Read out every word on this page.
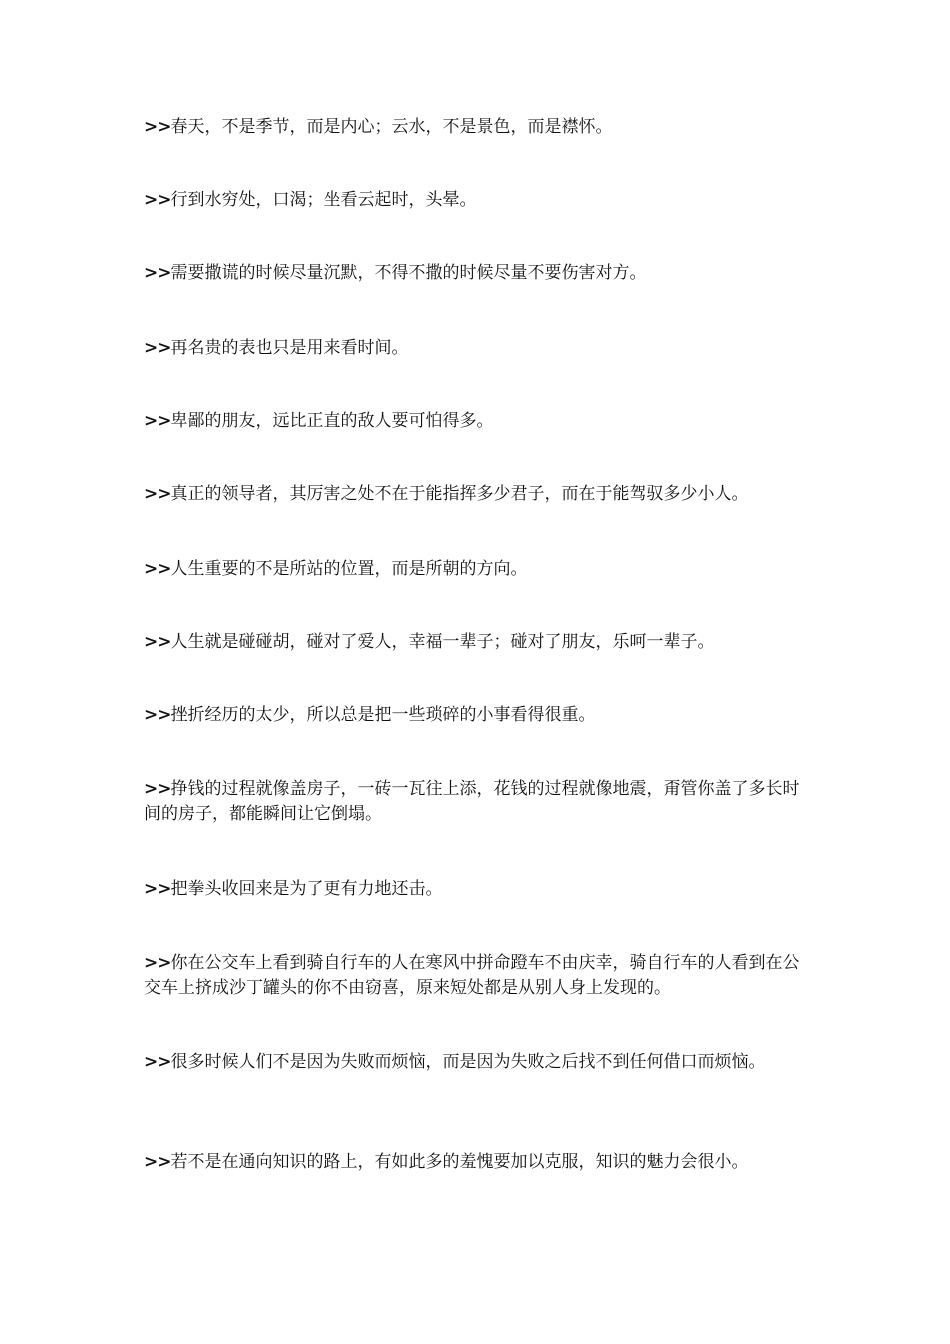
>>春天，不是季节，而是内心；云水，不是景色，而是襟怀。

>>行到水穷处，口渴；坐看云起时，头晕。

>>需要撒谎的时候尽量沉默，不得不撒的时候尽量不要伤害对方。

>>再名贵的表也只是用来看时间。

>>卑鄙的朋友，远比正直的敌人要可怕得多。

>>真正的领导者，其厉害之处不在于能指挥多少君子，而在于能驾驭多少小人。

>>人生重要的不是所站的位置，而是所朝的方向。

>>人生就是碰碰胡，碰对了爱人，幸福一辈子；碰对了朋友，乐呵一辈子。

>>挫折经历的太少，所以总是把一些琐碎的小事看得很重。

>>挣钱的过程就像盖房子，一砖一瓦往上添，花钱的过程就像地震，甭管你盖了多长时间的房子，都能瞬间让它倒塌。

>>把拳头收回来是为了更有力地还击。

>>你在公交车上看到骑自行车的人在寒风中拼命蹬车不由庆幸，骑自行车的人看到在公交车上挤成沙丁罐头的你不由窃喜，原来短处都是从别人身上发现的。

>>很多时候人们不是因为失败而烦恼，而是因为失败之后找不到任何借口而烦恼。

>>若不是在通向知识的路上，有如此多的羞愧要加以克服，知识的魅力会很小。
